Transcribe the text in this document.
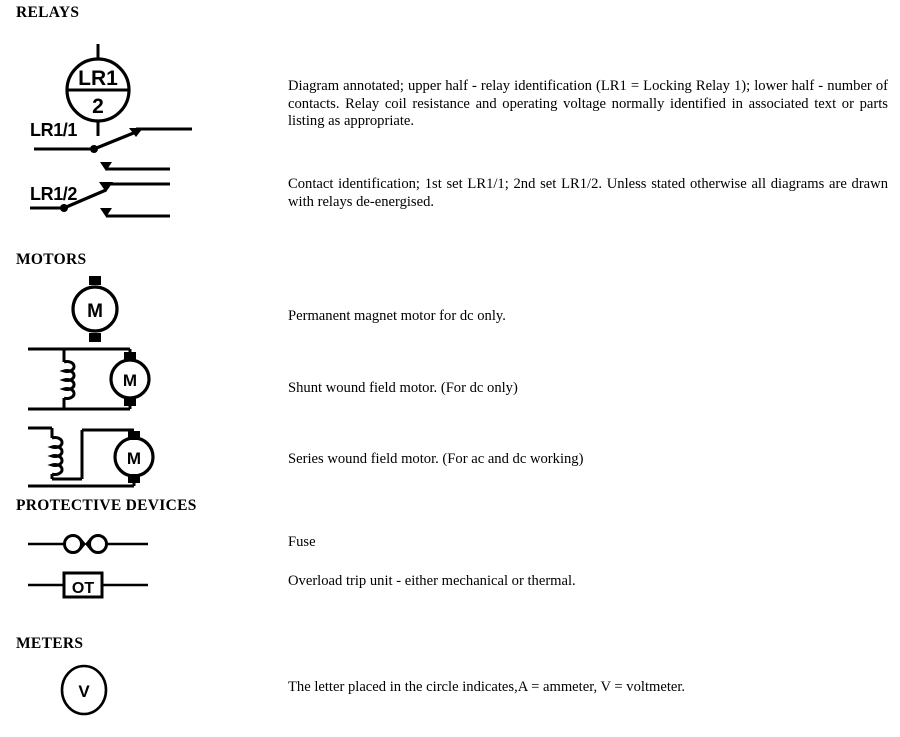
RELAYS
LR1
2
Diagram annotated; upper half - relay identification (LR1 = Locking Relay 1); lower half - number of contacts. Relay coil resistance and operating voltage normally identified in associated text or parts listing as appropriate.
LR1/1
LR1/2	Contact identification; 1st set LR1/1; 2nd set LR1/2. Unless stated otherwise all diagrams are drawn with relays de-energised.
MOTORS
M	Permanent magnet motor for dc only.
M	Shunt wound field motor. (For dc only)
M	Series wound field motor. (For ac and dc working)
PROTECTIVE DEVICES
Fuse
OT	Overload trip unit - either mechanical or thermal.
METERS
V	The letter placed in the circle indicates,A = ammeter, V = voltmeter.
